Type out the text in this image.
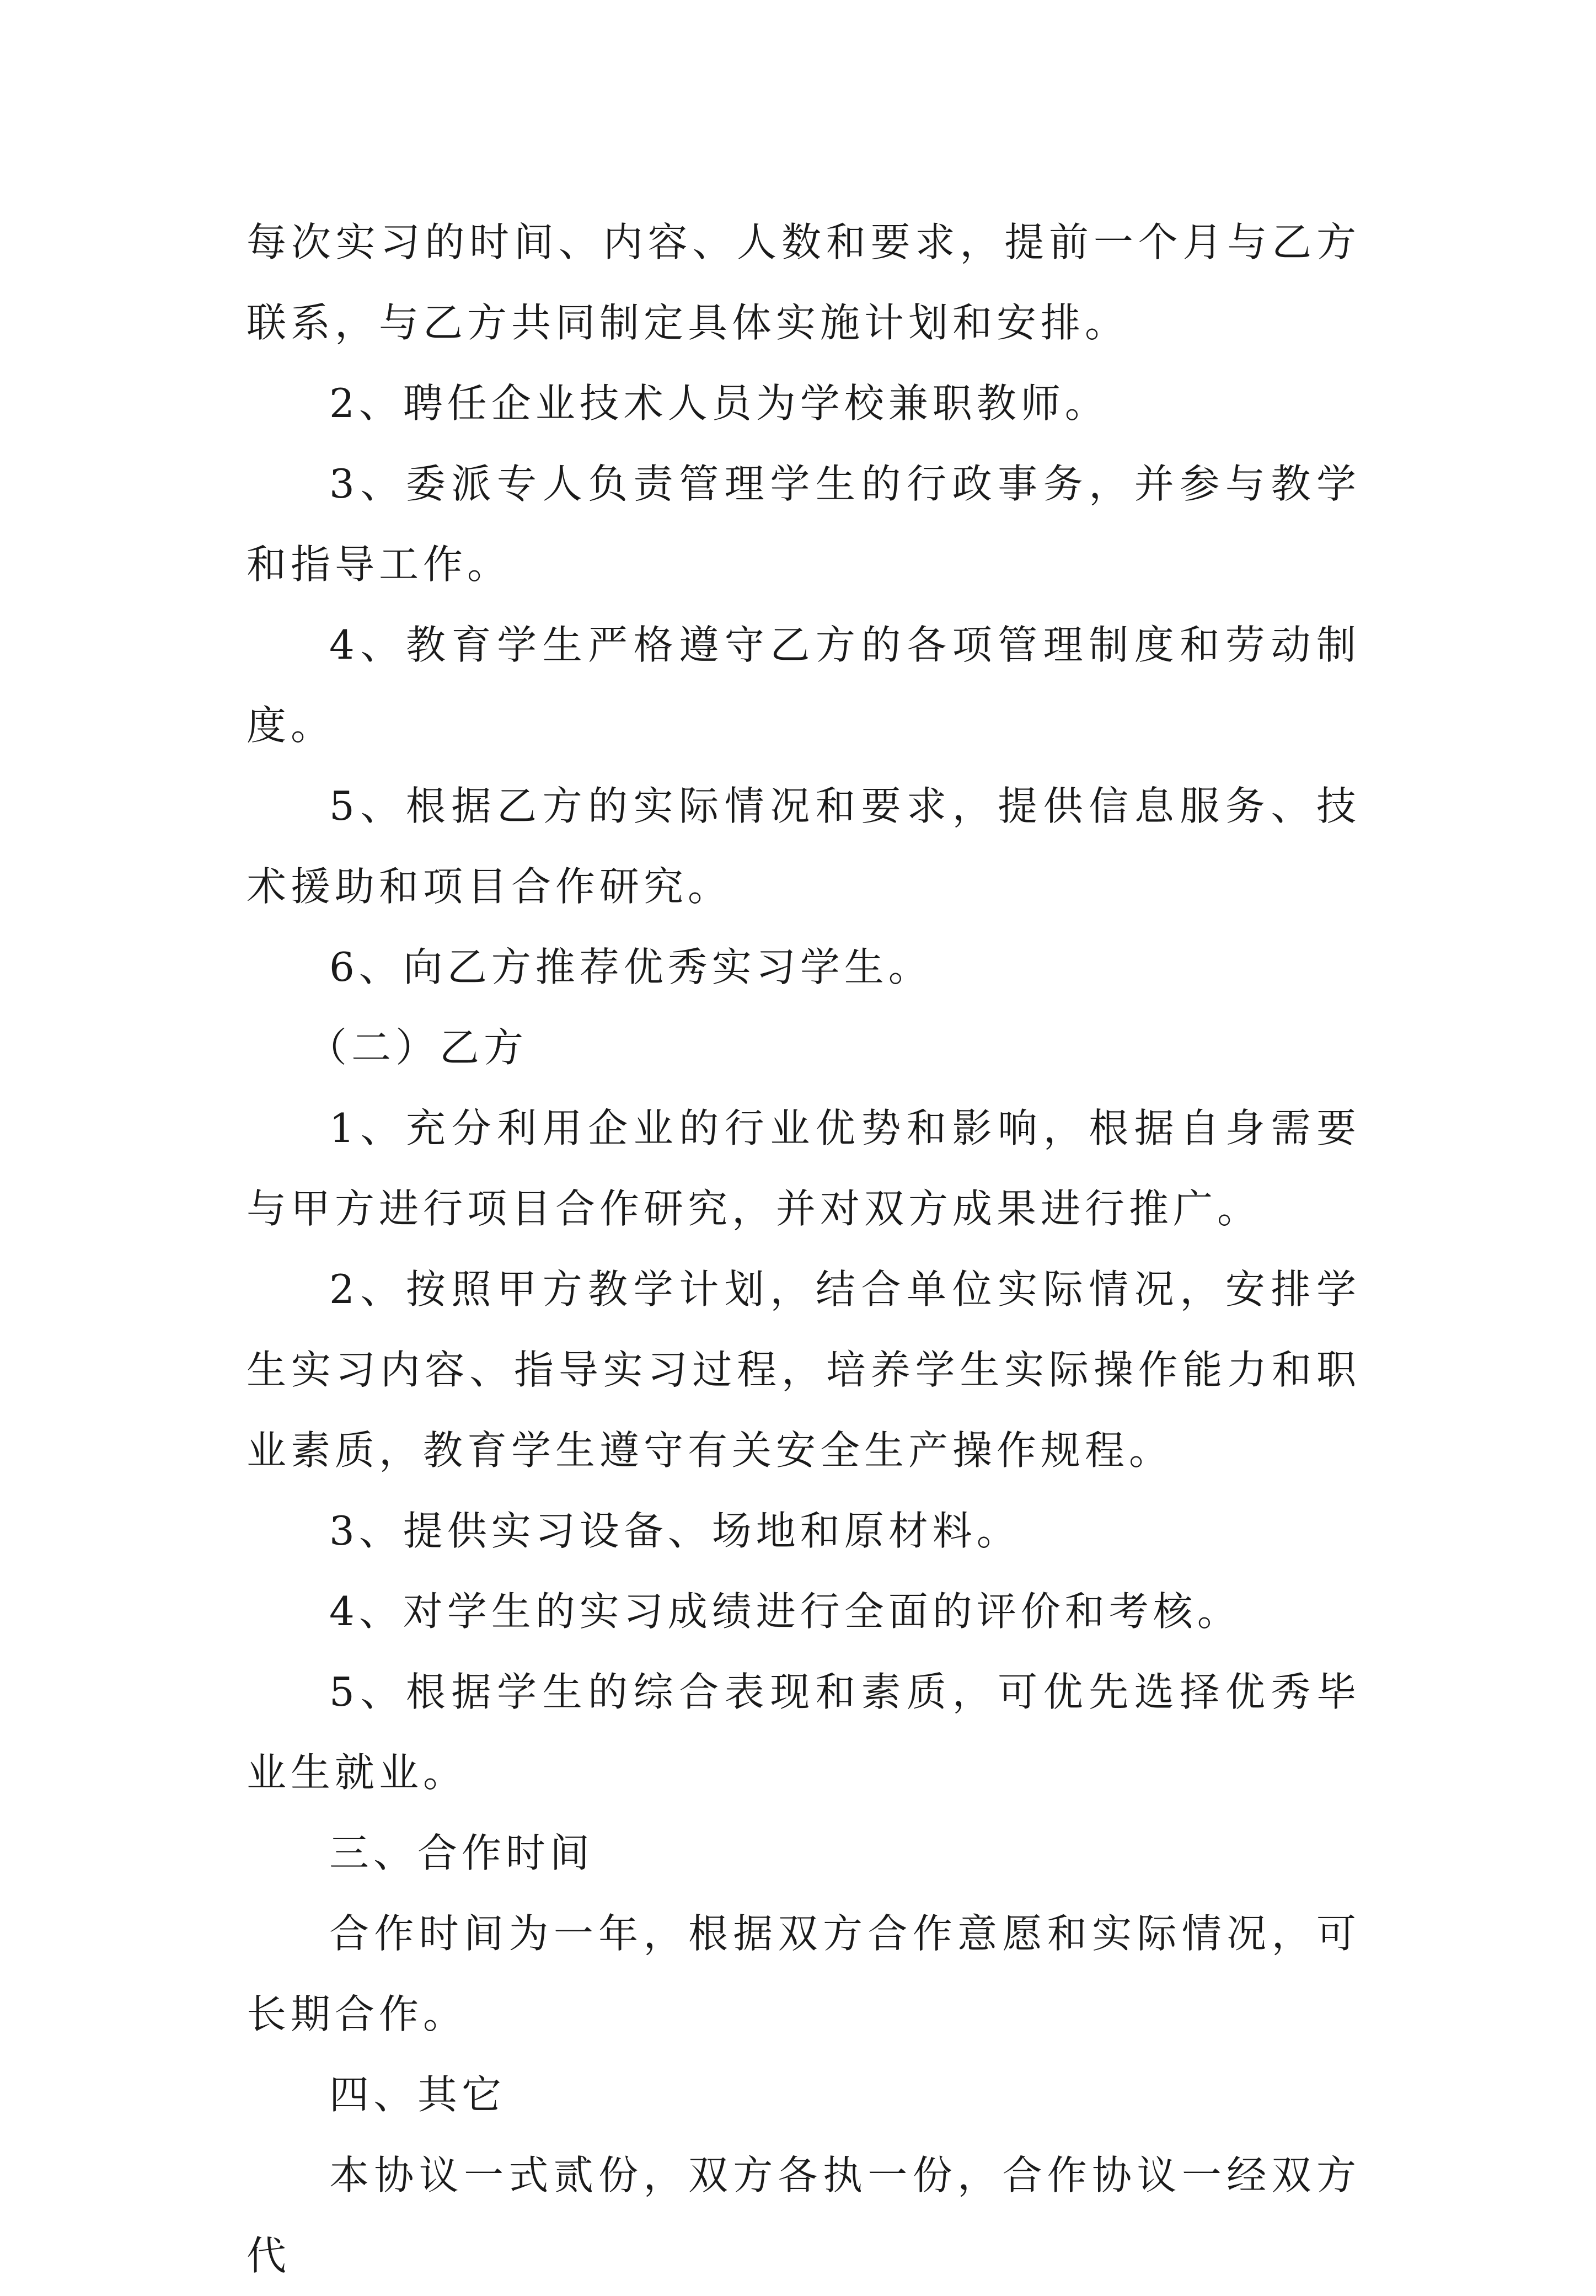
每次实习的时间、内容、人数和要求，提前一个月与乙方联系，与乙方共同制定具体实施计划和安排。

2、聘任企业技术人员为学校兼职教师。

3、委派专人负责管理学生的行政事务，并参与教学和指导工作。

4、教育学生严格遵守乙方的各项管理制度和劳动制度。

5、根据乙方的实际情况和要求，提供信息服务、技术援助和项目合作研究。

6、向乙方推荐优秀实习学生。

（二）乙方

1、充分利用企业的行业优势和影响，根据自身需要与甲方进行项目合作研究，并对双方成果进行推广。

2、按照甲方教学计划，结合单位实际情况，安排学生实习内容、指导实习过程，培养学生实际操作能力和职业素质，教育学生遵守有关安全生产操作规程。

3、提供实习设备、场地和原材料。

4、对学生的实习成绩进行全面的评价和考核。

5、根据学生的综合表现和素质，可优先选择优秀毕业生就业。

三、合作时间

合作时间为一年，根据双方合作意愿和实际情况，可长期合作。

四、其它

本协议一式贰份，双方各执一份，合作协议一经双方代
